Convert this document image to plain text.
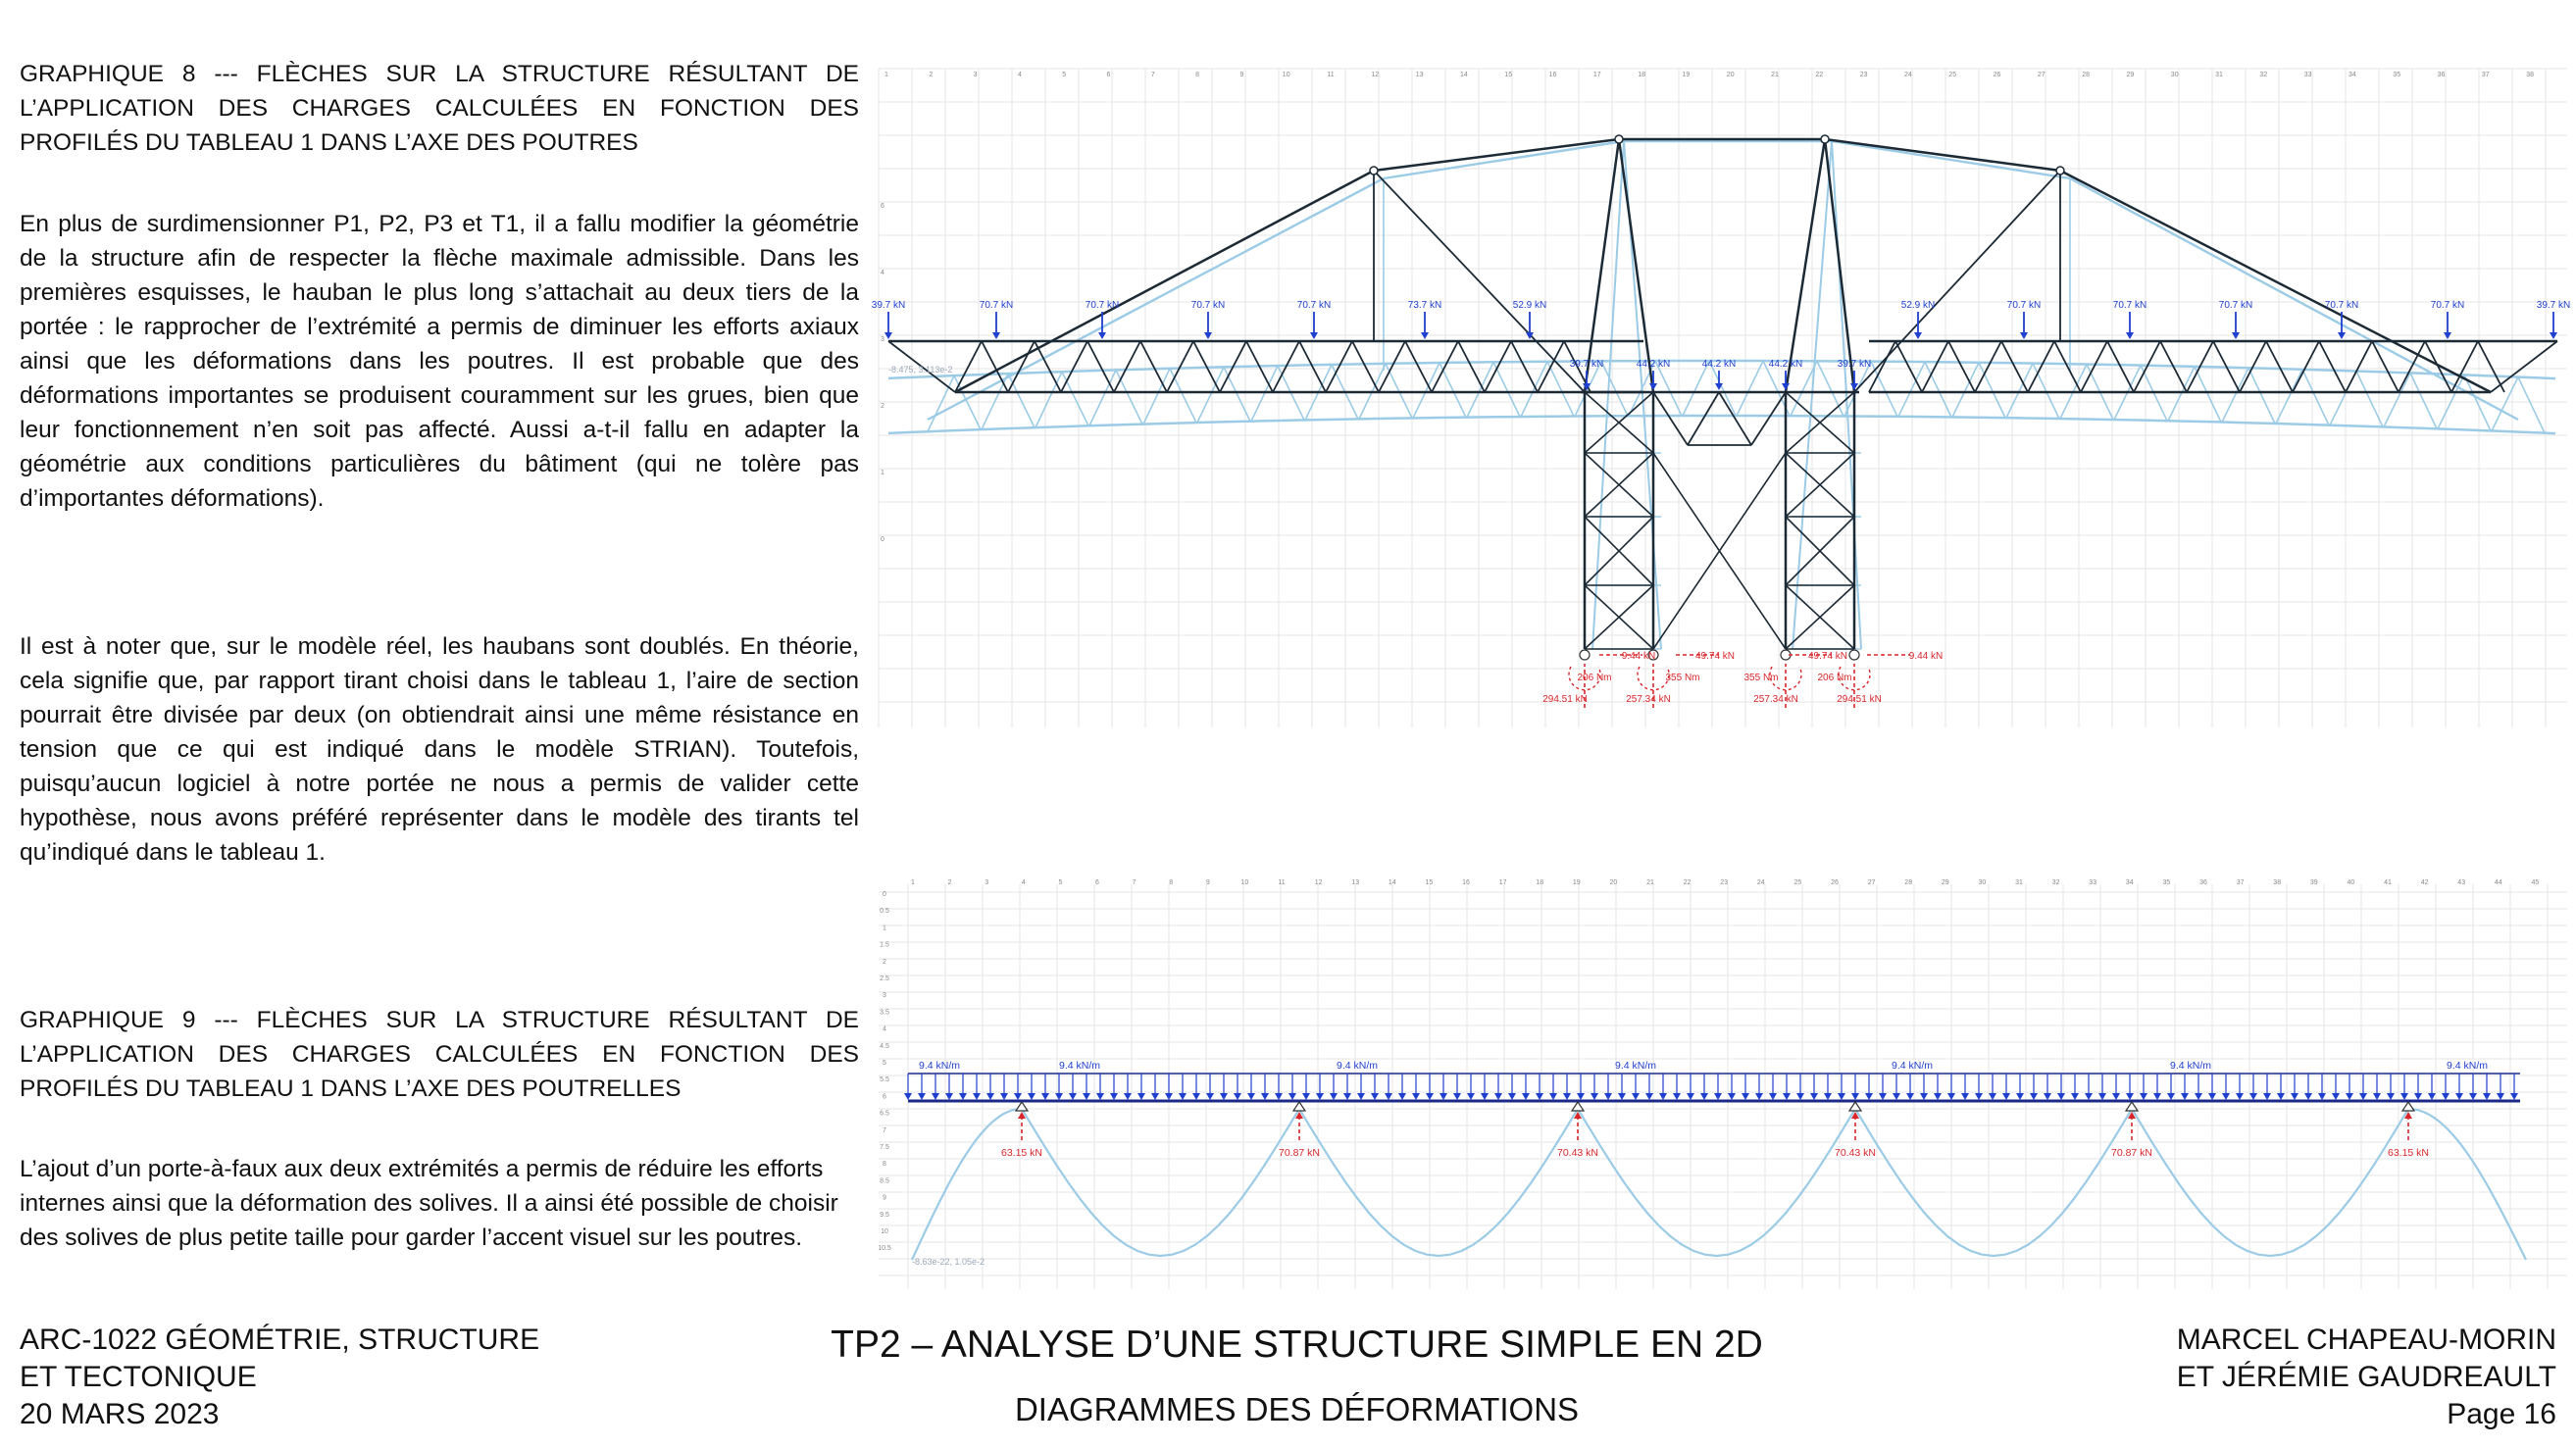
GRAPHIQUE 8 --- FLÈCHES SUR LA STRUCTURE RÉSULTANT DE
L’APPLICATION DES CHARGES CALCULÉES EN FONCTION DES
PROFILÉS DU TABLEAU 1 DANS L’AXE DES POUTRES
En plus de surdimensionner P1, P2, P3 et T1, il a fallu modifier la géométrie de la structure afin de respecter la flèche maximale admissible. Dans les premières esquisses, le hauban le plus long s’attachait au deux tiers de la portée : le rapprocher de l’extrémité a permis de diminuer les efforts axiaux ainsi que les déformations dans les poutres. Il est probable que des déformations importantes se produisent couramment sur les grues, bien que leur fonctionnement n’en soit pas affecté. Aussi a-t-il fallu en adapter la géométrie aux conditions particulières du bâtiment (qui ne tolère pas d’importantes déformations).
Il est à noter que, sur le modèle réel, les haubans sont doublés. En théorie, cela signifie que, par rapport tirant choisi dans le tableau 1, l’aire de section pourrait être divisée par deux (on obtiendrait ainsi une même résistance en tension que ce qui est indiqué dans le modèle STRIAN). Toutefois, puisqu’aucun logiciel à notre portée ne nous a permis de valider cette hypothèse, nous avons préféré représenter dans le modèle des tirants tel qu’indiqué dans le tableau 1.
GRAPHIQUE 9 --- FLÈCHES SUR LA STRUCTURE RÉSULTANT DE
L’APPLICATION DES CHARGES CALCULÉES EN FONCTION DES
PROFILÉS DU TABLEAU 1 DANS L’AXE DES POUTRELLES
L’ajout d’un porte-à-faux aux deux extrémités a permis de réduire les efforts internes ainsi que la déformation des solives. Il a ainsi été possible de choisir des solives de plus petite taille pour garder l’accent visuel sur les poutres.
1	2	3	4	5	6	7	8	9	10	11	12	13	14	15	16	17	18	19	20	21	22	23	24	25	26	27	28	29	30	31	32	33	34	35	36	37	38
6
4
3
2
1
0
39.7 kN	70.7 kN	70.7 kN	70.7 kN	70.7 kN	73.7 kN	52.9 kN
39.7 kN	44.2 kN	44.2 kN	44.2 kN	39.7 kN
52.9 kN	70.7 kN	70.7 kN	70.7 kN	70.7 kN	70.7 kN	39.7 kN
9.44 kN	49.74 kN	49.74 kN	9.44 kN
206 Nm	355 Nm	355 Nm	206 Nm
294.51 kN	257.34 kN	257.34 kN	294.51 kN
-8.475, 3.113e-2
1	2	3	4	5	6	7	8	9	10	11	12	13	14	15	16	17	18	19	20	21	22	23	24	25	26	27	28	29	30	31	32	33	34	35	36	37	38	39	40	41	42	43	44	45
0
0.5
1
1.5
2
2.5
3
3.5
4
4.5
5
5.5
6
6.5
7
7.5
8
8.5
9
9.5
10
10.5
9.4 kN/m	9.4 kN/m	9.4 kN/m	9.4 kN/m	9.4 kN/m	9.4 kN/m	9.4 kN/m
63.15 kN	70.87 kN	70.43 kN	70.43 kN	70.87 kN	63.15 kN
-8.63e-22, 1.05e-2
ARC-1022 GÉOMÉTRIE, STRUCTURE
ET TECTONIQUE
20 MARS 2023
TP2 – ANALYSE D’UNE STRUCTURE SIMPLE EN 2D
DIAGRAMMES DES DÉFORMATIONS
MARCEL CHAPEAU-MORIN
ET JÉRÉMIE GAUDREAULT
Page 16
